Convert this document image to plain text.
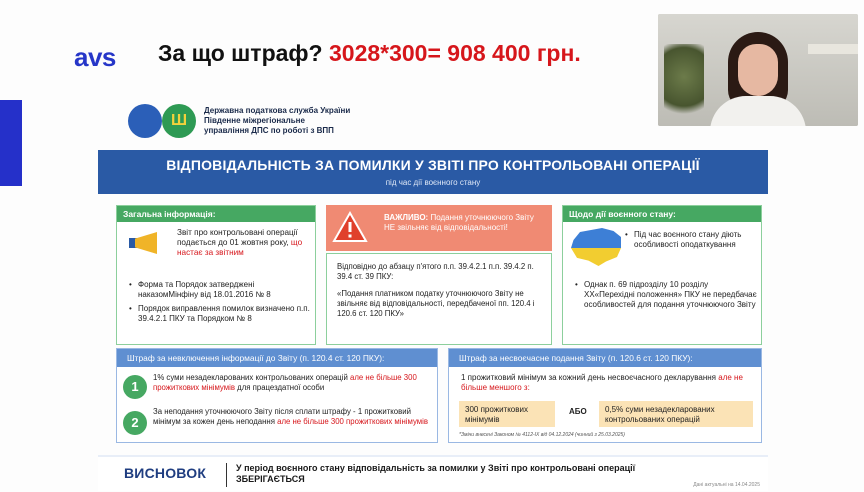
avs За що штраф? 3028*300= 908 400 грн.
Ш
Державна податкова служба України
Південне міжрегіональне
управління ДПС по роботі з ВПП
ВІДПОВІДАЛЬНІСТЬ ЗА ПОМИЛКИ У ЗВІТІ ПРО КОНТРОЛЬОВАНІ ОПЕРАЦІЇ
під час дії воєнного стану
Загальна інформація:
Звіт про контрольовані операції подається до 01 жовтня року, що настає за звітним
• Форма та Порядок затверджені наказомМінфіну від 18.01.2016 № 8
• Порядок виправлення помилок визначено п.п. 39.4.2.1 ПКУ та Порядком № 8
ВАЖЛИВО: Подання уточнюючого Звіту НЕ звільняє від відповідальності!

Відповідно до абзацу п'ятого п.п. 39.4.2.1 п.п. 39.4.2 п. 39.4 ст. 39 ПКУ:

«Подання платником податку уточнюючого Звіту не звільняє від відповідальності, передбаченої пп. 120.4 і 120.6 ст. 120 ПКУ»

Щодо дії воєнного стану:
• Під час воєнного стану діють особливості оподаткування
• Однак п. 69 підрозділу 10 розділу XX«Перехідні положення» ПКУ не передбачає особливостей для подання уточнюючого Звіту
Штраф за невключення інформації до Звіту (п. 120.4 ст. 120 ПКУ):
1
1% суми незадекларованих контрольованих операцій але не більше 300 прожиткових мінімумів для працездатної особи
2
За неподання уточнюючого Звіту після сплати штрафу - 1 прожитковий мінімум за кожен день неподання але не більше 300 прожиткових мінімумів
Штраф за несвоєчасне подання Звіту (п. 120.6 ст. 120 ПКУ):
1 прожитковий мінімум за кожний день несвоєчасного декларування але не більше меншого з:
300 прожиткових мінімумів
АБО	0,5% суми незадекларованих контрольованих операцій
*Зміни внесені Законом № 4112-IX від 04.12.2024 (чинний з 25.03.2025)
ВИСНОВОК	У період воєнного стану відповідальність за помилки у Звіті про контрольовані операції
ЗБЕРІГАЄТЬСЯ
Дані актуальні на 14.04.2025
